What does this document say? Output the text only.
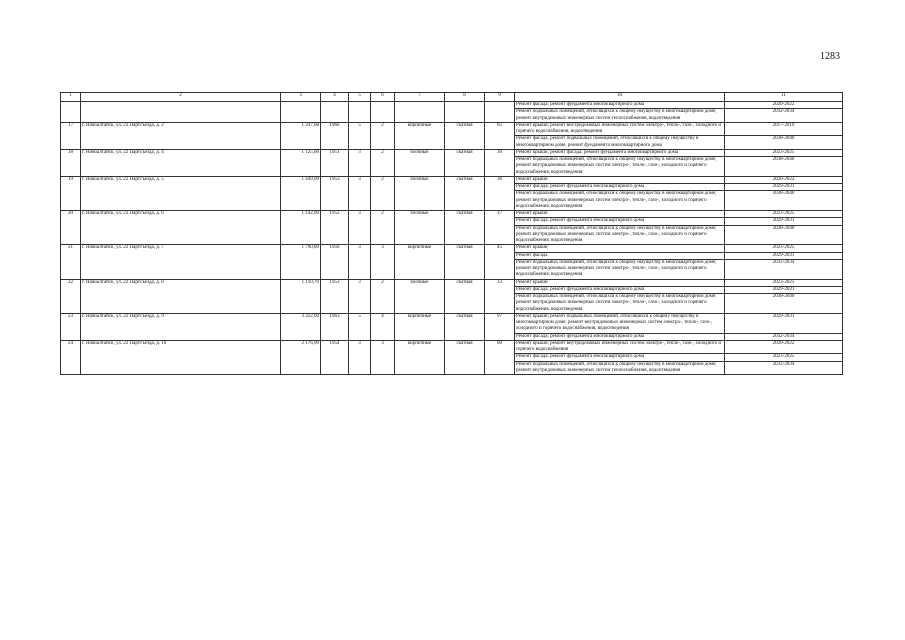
1283
1	2	3	4	5	6	7	8	9	10	11
									Ремонт фасада; ремонт фундамента многоквартирного дома	2020-2022
									Ремонт подвальных помещений, относящихся к общему имуществу в многоквартирном доме; ремонт внутридомовых инженерных систем теплоснабжения, водоотведения	2032-2034
17	г. Новоалтайск, ул. 22 Партсъезда, д. 2	1 247,68	1966	5	2	кирпичные	скатная	65	Ремонт крыши; ремонт внутридомовых инженерных систем электро-, тепло-, газо-, холодного и горячего водоснабжения, водоотведения	2017-2019
									Ремонт фасада; ремонт подвальных помещений, относящихся к общему имуществу в многоквартирном доме, ремонт фундамента многоквартирного дома	2038-2040
18	г. Новоалтайск, ул. 22 Партсъезда, д. 4	1 125,00	1951	3	2	блочные	скатная	30	Ремонт крыши; ремонт фасада; ремонт фундамента многоквартирного дома	2023-2025
									Ремонт подвальных помещений, относящихся к общему имуществу в многоквартирном доме; ремонт внутридомовых инженерных систем электро-, тепло-, газо-, холодного и горячего водоснабжения, водоотведения	2038-2040
19	г. Новоалтайск, ул. 22 Партсъезда, д. 5	1 449,00	1953	3	2	блочные	скатная	36	Ремонт крыши	2020-2022
									Ремонт фасада; ремонт фундамента многоквартирного дома	2029-2031
									Ремонт подвальных помещений, относящихся к общему имуществу в многоквартирном доме; ремонт внутридомовых инженерных систем электро-, тепло-, газо-, холодного и горячего водоснабжения, водоотведения	2038-2040
20	г. Новоалтайск, ул. 22 Партсъезда, д. 6	1 142,00	1952	3	2	блочные	скатная	37	Ремонт крыши	2023-2025
									Ремонт фасада; ремонт фундамента многоквартирного дома	2029-2031
									Ремонт подвальных помещений, относящихся к общему имуществу в многоквартирном доме; ремонт внутридомовых инженерных систем электро-, тепло-, газо-, холодного и горячего водоснабжения, водоотведения	2038-2040
21	г. Новоалтайск, ул. 22 Партсъезда, д. 7	1 790,80	1956	3	3	кирпичные	скатная	45	Ремонт крыши	2023-2025
									Ремонт фасада	2029-2031
									Ремонт подвальных помещений, относящихся к общему имуществу в многоквартирном доме; ремонт внутридомовых инженерных систем электро-, тепло-, газо-, холодного и горячего водоснабжения, водоотведения	2032-2034
22	г. Новоалтайск, ул. 22 Партсъезда, д. 8	1 110,70	1953	3	2	блочные	скатная	33	Ремонт крыши	2023-2025
									Ремонт фасада; ремонт фундамента многоквартирного дома	2029-2031
									Ремонт подвальных помещений, относящихся к общему имуществу в многоквартирном доме; ремонт внутридомовых инженерных систем электро-, тепло-, газо-, холодного и горячего водоснабжения, водоотведения	2038-2040
23	г. Новоалтайск, ул. 22 Партсъезда, д. 9	3 322,60	1963	5	4	кирпичные	скатная	97	Ремонт крыши; ремонт подвальных помещений, относящихся к общему имуществу в многоквартирном доме; ремонт внутридомовых инженерных систем электро-, тепло-, газо-, холодного и горячего водоснабжения, водоотведения	2029-2031
									Ремонт фасада; ремонт фундамента многоквартирного дома	2032-2034
24	г. Новоалтайск, ул. 22 Партсъезда, д. 10	2 176,90	1954	3	3	кирпичные	скатная	60	Ремонт крыши; ремонт внутридомовых инженерных систем электро-, тепло-, газо-, холодного и горячего водоснабжения	2020-2022
									Ремонт фасада; ремонт фундамента многоквартирного дома	2023-2025
									Ремонт подвальных помещений, относящихся к общему имуществу в многоквартирном доме; ремонт внутридомовых инженерных систем теплоснабжения, водоотведения	2032-2034
